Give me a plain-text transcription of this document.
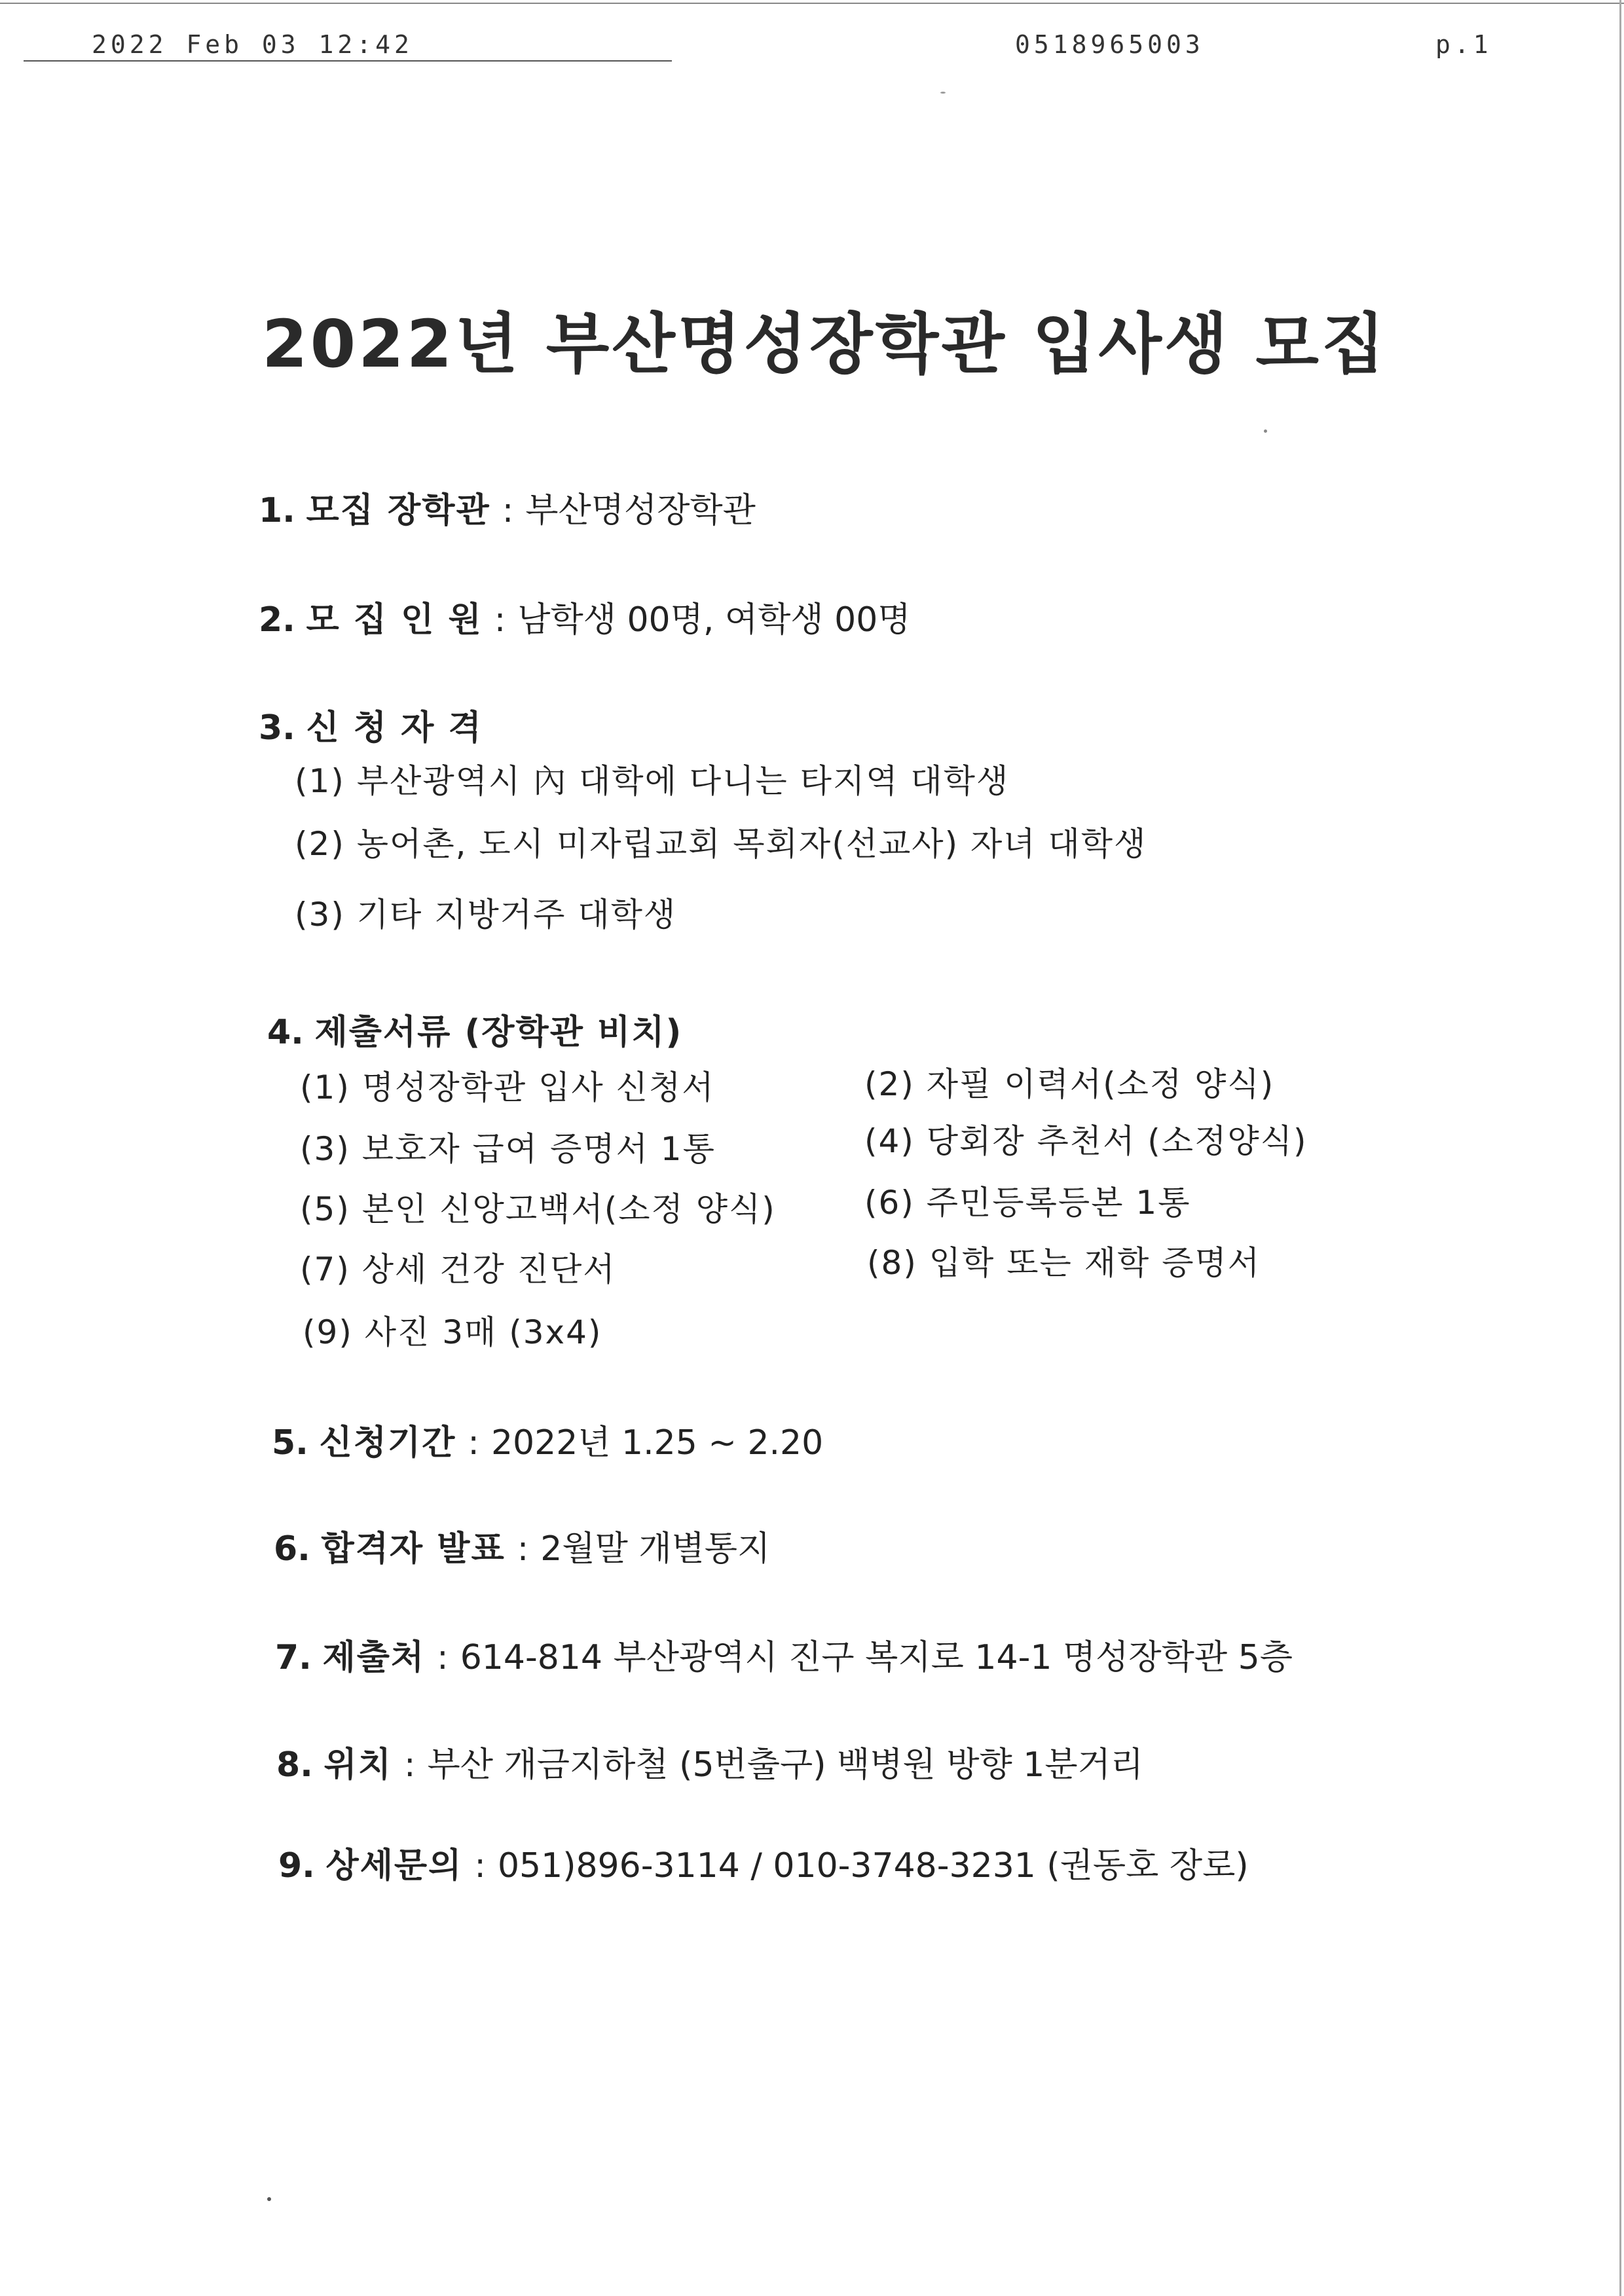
2022 Feb 03 12:42	0518965003	p.1
2022년 부산명성장학관 입사생 모집
1. 모집 장학관 : 부산명성장학관
2. 모 집 인 원 : 남학생 00명, 여학생 00명
3. 신 청 자 격
(1) 부산광역시 內 대학에 다니는 타지역 대학생
(2) 농어촌, 도시 미자립교회 목회자(선교사) 자녀 대학생
(3) 기타 지방거주 대학생
4. 제출서류 (장학관 비치)
(1) 명성장학관 입사 신청서
(3) 보호자 급여 증명서 1통
(5) 본인 신앙고백서(소정 양식)
(7) 상세 건강 진단서
(9) 사진 3매 (3x4)
(2) 자필 이력서(소정 양식)
(4) 당회장 추천서 (소정양식)
(6) 주민등록등본 1통
(8) 입학 또는 재학 증명서
5. 신청기간 : 2022년 1.25 ~ 2.20
6. 합격자 발표 : 2월말 개별통지
7. 제출처 : 614-814 부산광역시 진구 복지로 14-1 명성장학관 5층
8. 위치 : 부산 개금지하철 (5번출구) 백병원 방향 1분거리
9. 상세문의 : 051)896-3114 / 010-3748-3231 (권동호 장로)
